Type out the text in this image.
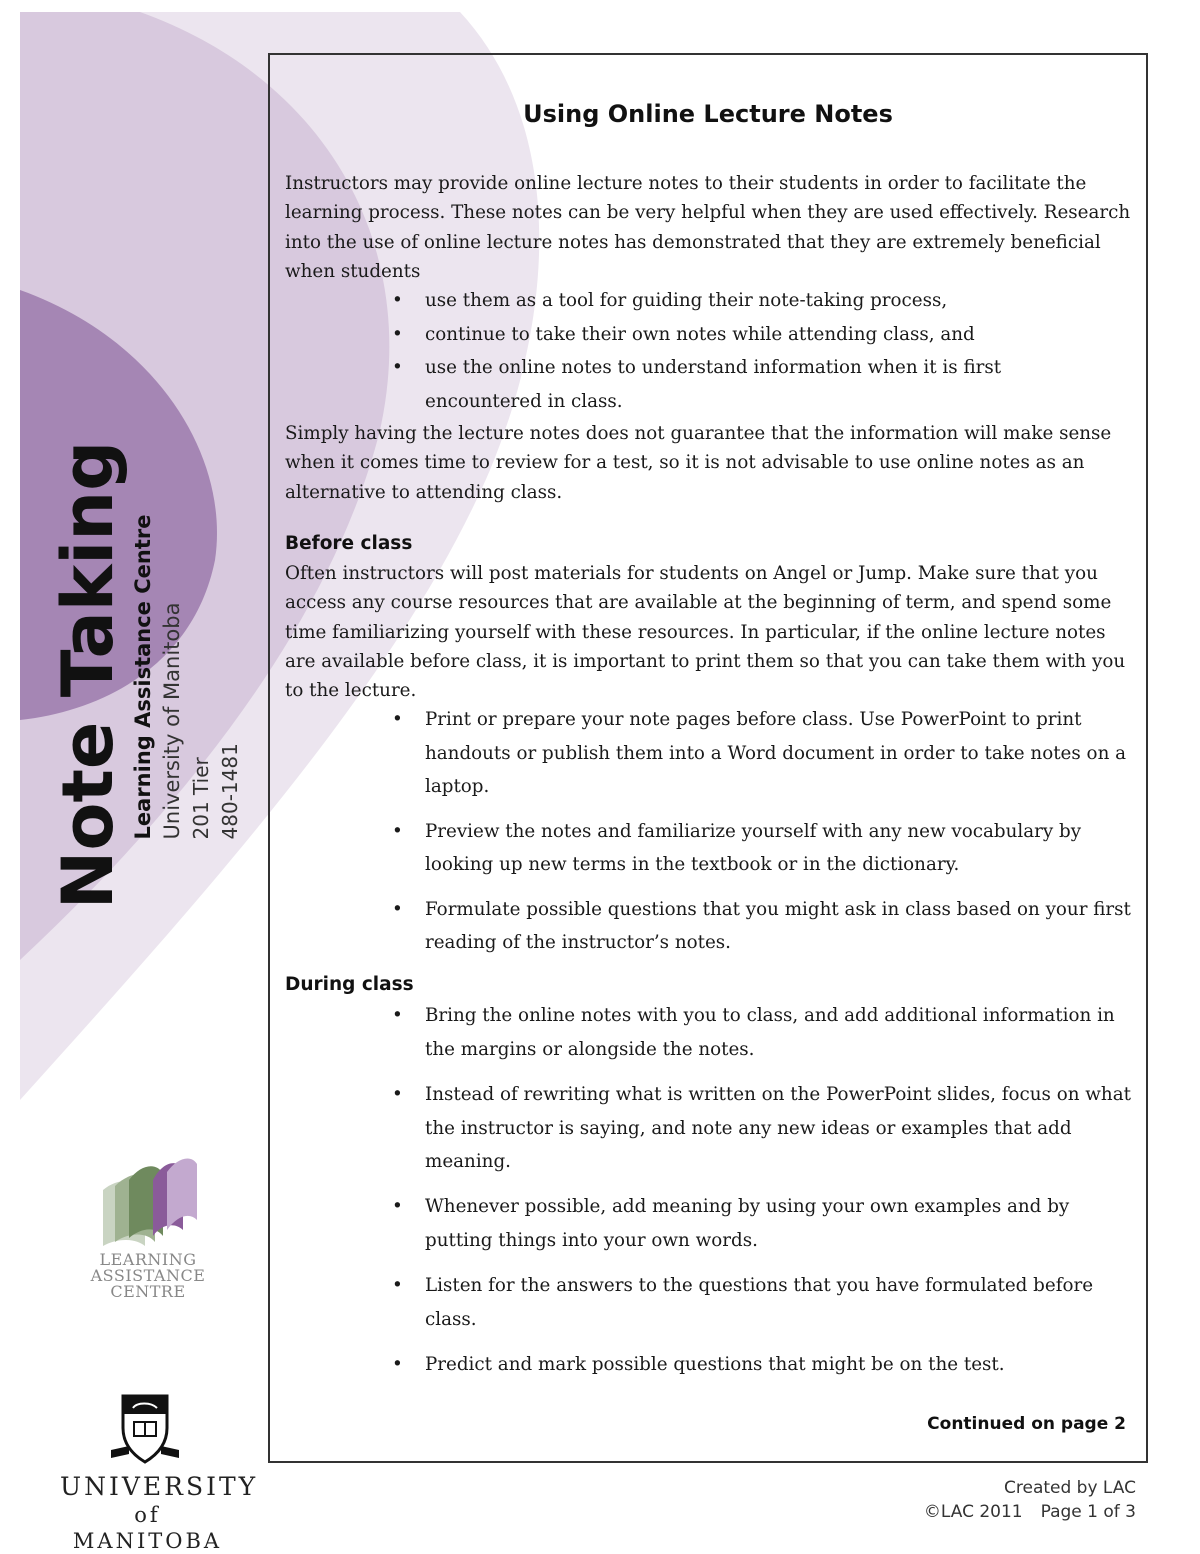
Note Taking Learning Assistance Centre University of Manitoba 201 Tier 480-1481
LEARNING ASSISTANCE
CENTRE
UNIVERSITY
of MANITOBA
Using Online Lecture Notes

Instructors may provide online lecture notes to their students in order to facilitate the learning process. These notes can be very helpful when they are used effectively. Research into the use of online lecture notes has demonstrated that they are extremely beneficial when students

• use them as a tool for guiding their note-taking process,
• continue to take their own notes while attending class, and
• use the online notes to understand information when it is first encountered in class.

Simply having the lecture notes does not guarantee that the information will make sense when it comes time to review for a test, so it is not advisable to use online notes as an alternative to attending class.

Before class

Often instructors will post materials for students on Angel or Jump. Make sure that you access any course resources that are available at the beginning of term, and spend some time familiarizing yourself with these resources. In particular, if the online lecture notes are available before class, it is important to print them so that you can take them with you to the lecture.

• Print or prepare your note pages before class. Use PowerPoint to print handouts or publish them into a Word document in order to take notes on a laptop.
• Preview the notes and familiarize yourself with any new vocabulary by looking up new terms in the textbook or in the dictionary.
• Formulate possible questions that you might ask in class based on your first reading of the instructor’s notes.
During class
• Bring the online notes with you to class, and add additional information in the margins or alongside the notes.
• Instead of rewriting what is written on the PowerPoint slides, focus on what the instructor is saying, and note any new ideas or examples that add meaning.
• Whenever possible, add meaning by using your own examples and by putting things into your own words.
• Listen for the answers to the questions that you have formulated before class.
• Predict and mark possible questions that might be on the test.
Continued on page 2
Created by LAC
©LAC 2011 Page 1 of 3
